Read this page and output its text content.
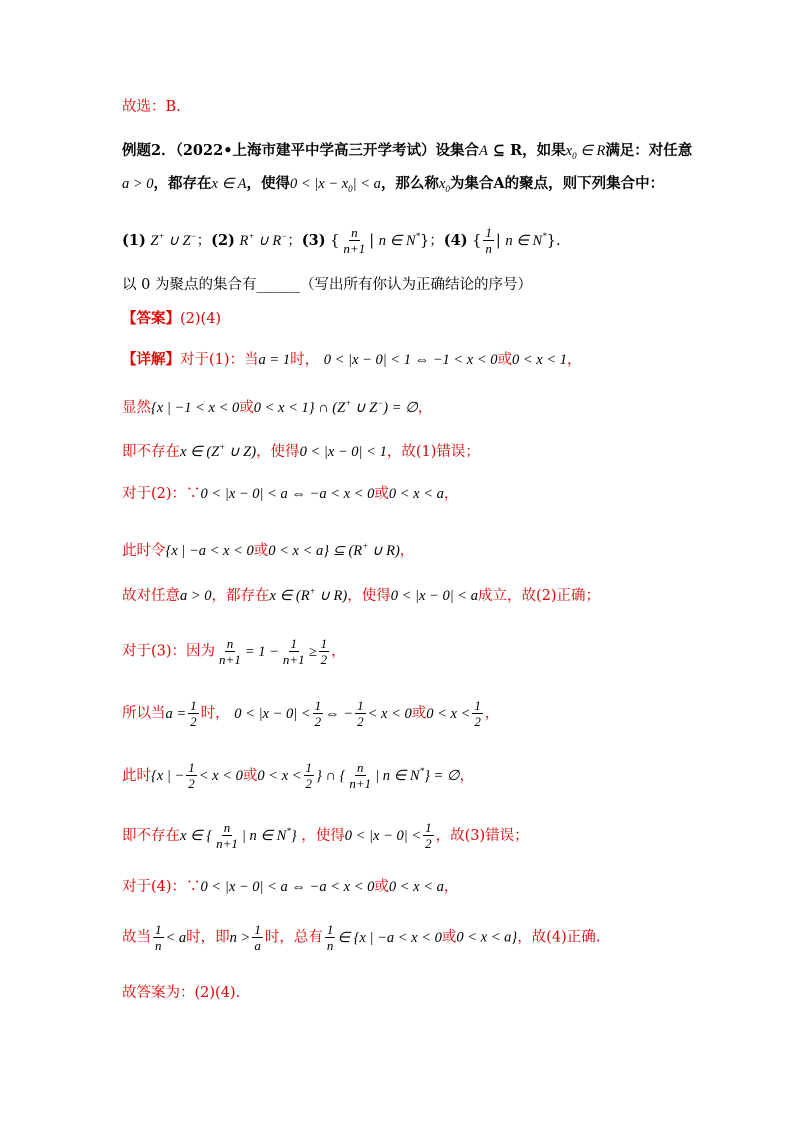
故选：B.
例题2．（2022•上海市建平中学高三开学考试）设集合A ⊆ R，如果$x_0$ ∈ R满足：对任意
a > 0，都存在x ∈ A，使得$0 < |x - x_0| < a$，那么称$x_0$为集合A的聚点，则下列集合中：
(1) Z+ ∪ Z−；(2) R+ ∪ R−；(3) { $\frac{n}{n+1}$ | n ∈ N*}；(4) { $\frac{1}{n}$ | n ∈ N*}.
以 0 为聚点的集合有______（写出所有你认为正确结论的序号）
【答案】(2)(4)
【详解】对于(1)：当a = 1时， 0 < |x − 0| < 1 ⇔ −1 < x < 0或0 < x < 1，
显然{x | −1 < x < 0或0 < x < 1} ∩ (Z+ ∪ Z−) = ∅，
即不存在x ∈ (Z+ ∪ Z)，使得0 < |x − 0| < 1，故(1)错误；
对于(2)：∵0 < |x − 0| < a ⇔ −a < x < 0或0 < x < a，
此时令{x | −a < x < 0或0 < x < a} ⊆ (R+ ∪ R)，
故对任意a > 0，都存在x ∈ (R+ ∪ R)，使得0 < |x − 0| < a成立，故(2)正确；
对于(3)：因为 $\frac{n}{n+1} = 1 - \frac{1}{n+1} \ge \frac{1}{2}$ ，
所以当$a = \frac{1}{2}$ 时， $0 < |x - 0| < \frac{1}{2}$ ⇔ − $\frac{1}{2} < x < 0$或$0 < x < \frac{1}{2}$ ，
此时{x | − $\frac{1}{2} < x < 0$或$0 < x < \frac{1}{2}$ } ∩ { $\frac{n}{n+1}$ | n ∈ N*} = ∅，
即不存在x ∈ { $\frac{n}{n+1}$ | n ∈ N*} ，使得$0 < |x - 0| < \frac{1}{2}$ ，故(3)错误；
对于(4)：∵0 < |x − 0| < a ⇔ −a < x < 0或0 < x < a，
故当 $\frac{1}{n} < a$时，即$n > \frac{1}{a}$ 时，总有 $\frac{1}{n}$ ∈ {x | −a < x < 0或0 < x < a}，故(4)正确.
故答案为：(2)(4).
